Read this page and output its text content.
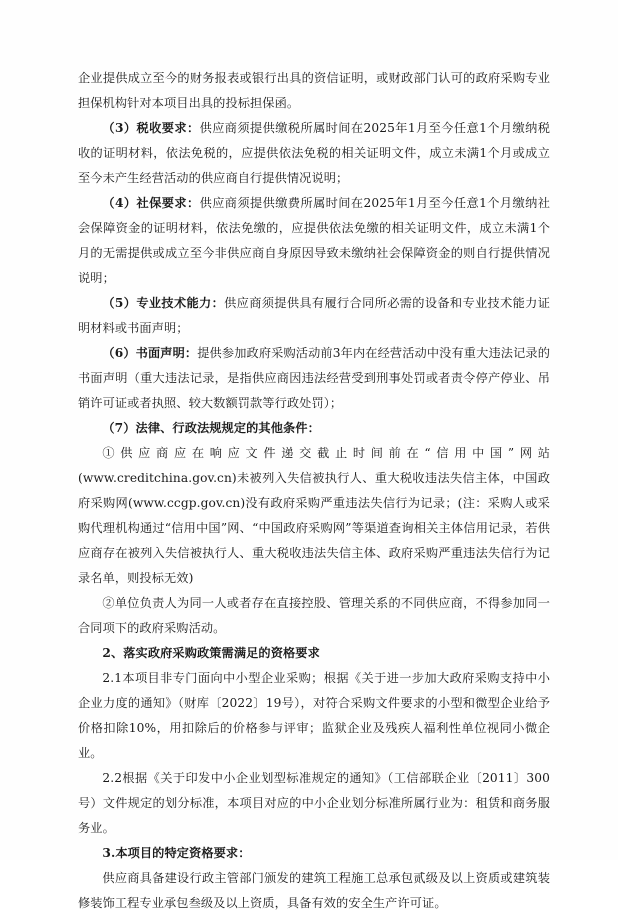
企业提供成立至今的财务报表或银行出具的资信证明，或财政部门认可的政府采购专业担保机构针对本项目出具的投标担保函。

（3）税收要求：供应商须提供缴税所属时间在2025年1月至今任意1个月缴纳税收的证明材料，依法免税的，应提供依法免税的相关证明文件，成立未满1个月或成立至今未产生经营活动的供应商自行提供情况说明；

（4）社保要求：供应商须提供缴费所属时间在2025年1月至今任意1个月缴纳社会保障资金的证明材料，依法免缴的，应提供依法免缴的相关证明文件，成立未满1个月的无需提供或成立至今非供应商自身原因导致未缴纳社会保障资金的则自行提供情况说明；

（5）专业技术能力：供应商须提供具有履行合同所必需的设备和专业技术能力证明材料或书面声明；

（6）书面声明：提供参加政府采购活动前3年内在经营活动中没有重大违法记录的书面声明（重大违法记录，是指供应商因违法经营受到刑事处罚或者责令停产停业、吊销许可证或者执照、较大数额罚款等行政处罚）；

（7）法律、行政法规规定的其他条件：

①供应商应在响应文件递交截止时间前在“信用中国”网站(www.creditchina.gov.cn)未被列入失信被执行人、重大税收违法失信主体，中国政府采购网(www.ccgp.gov.cn)没有政府采购严重违法失信行为记录；(注：采购人或采购代理机构通过“信用中国”网、“中国政府采购网”等渠道查询相关主体信用记录，若供应商存在被列入失信被执行人、重大税收违法失信主体、政府采购严重违法失信行为记录名单，则投标无效)

②单位负责人为同一人或者存在直接控股、管理关系的不同供应商，不得参加同一合同项下的政府采购活动。

2、落实政府采购政策需满足的资格要求

2.1本项目非专门面向中小型企业采购；根据《关于进一步加大政府采购支持中小企业力度的通知》（财库〔2022〕19号），对符合采购文件要求的小型和微型企业给予价格扣除10%，用扣除后的价格参与评审；监狱企业及残疾人福利性单位视同小微企业。

2.2根据《关于印发中小企业划型标准规定的通知》（工信部联企业〔2011〕300号）文件规定的划分标准，本项目对应的中小企业划分标准所属行业为：租赁和商务服务业。

3.本项目的特定资格要求：

供应商具备建设行政主管部门颁发的建筑工程施工总承包贰级及以上资质或建筑装修装饰工程专业承包叁级及以上资质，具备有效的安全生产许可证。
